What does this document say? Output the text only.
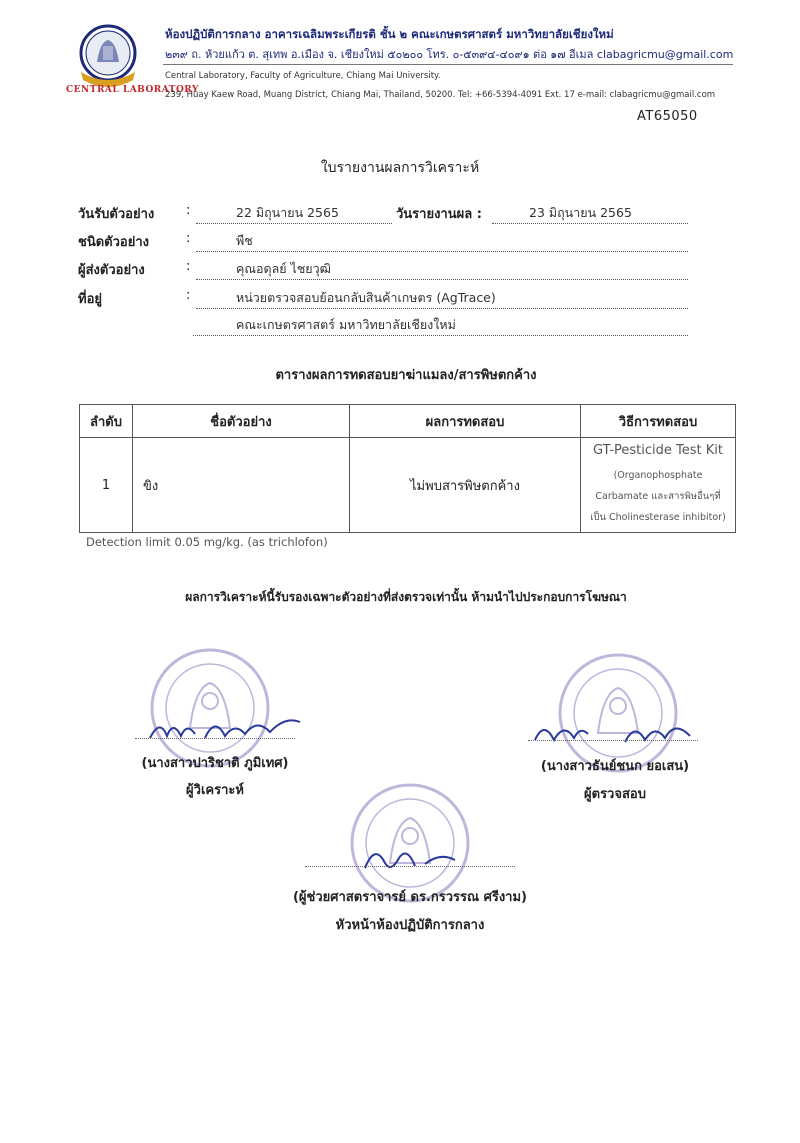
CENTRAL LABORATORY
ห้องปฏิบัติการกลาง อาคารเฉลิมพระเกียรติ ชั้น ๒ คณะเกษตรศาสตร์ มหาวิทยาลัยเชียงใหม่
๒๓๙ ถ. ห้วยแก้ว ต. สุเทพ อ.เมือง จ. เชียงใหม่ ๕๐๒๐๐ โทร. ๐-๕๓๙๔-๔๐๙๑ ต่อ ๑๗ อีเมล clabagricmu@gmail.com
Central Laboratory, Faculty of Agriculture, Chiang Mai University.
239, Huay Kaew Road, Muang District, Chiang Mai, Thailand, 50200. Tel: +66-5394-4091 Ext. 17 e-mail: clabagricmu@gmail.com
AT65050
ใบรายงานผลการวิเคราะห์
วันรับตัวอย่าง :	22 มิถุนายน 2565	วันรายงานผล :	23 มิถุนายน 2565
ชนิดตัวอย่าง	:	พืช
ผู้ส่งตัวอย่าง	:	คุณอดุลย์ ไชยวุฒิ
ที่อยู่	:	หน่วยตรวจสอบย้อนกลับสินค้าเกษตร (AgTrace)
คณะเกษตรศาสตร์ มหาวิทยาลัยเชียงใหม่
ตารางผลการทดสอบยาฆ่าแมลง/สารพิษตกค้าง
ลำดับ	ชื่อตัวอย่าง	ผลการทดสอบ	วิธีการทดสอบ
1	ขิง	ไม่พบสารพิษตกค้าง	GT-Pesticide Test Kit
(Organophosphate
Carbamate และสารพิษอื่นๆที่
เป็น Cholinesterase inhibitor)
Detection limit 0.05 mg/kg. (as trichlofon)
ผลการวิเคราะห์นี้รับรองเฉพาะตัวอย่างที่ส่งตรวจเท่านั้น ห้ามนำไปประกอบการโฆษณา
(นางสาวปาริชาติ ภูมิเทศ)
ผู้วิเคราะห์
(นางสาวธันย์ชนก ยอเสน)
ผู้ตรวจสอบ
(ผู้ช่วยศาสตราจารย์ ดร.กรวรรณ ศรีงาม)
หัวหน้าห้องปฏิบัติการกลาง
